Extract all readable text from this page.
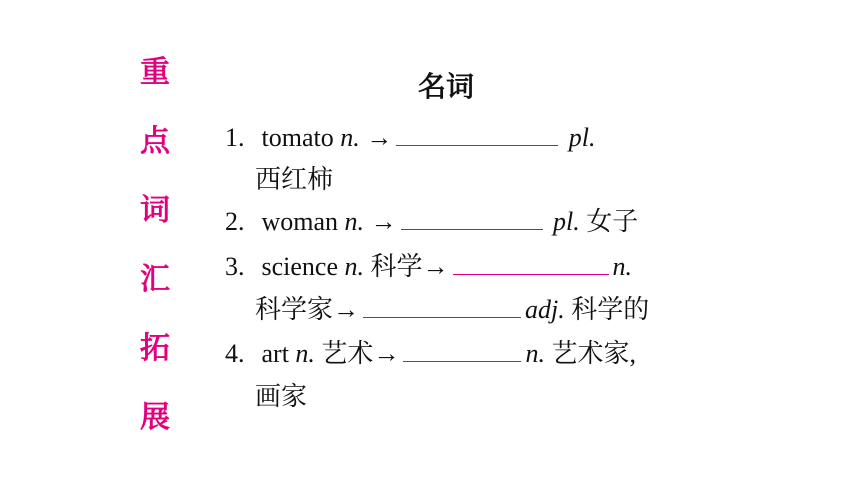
重
点
词
汇
拓
展
名词
1. tomato n. →	pl.
西红柿
2. woman n. →	pl. 女子
3. science n. 科学→	n.
科学家→	adj. 科学的
4. art n. 艺术→	n. 艺术家,
画家
